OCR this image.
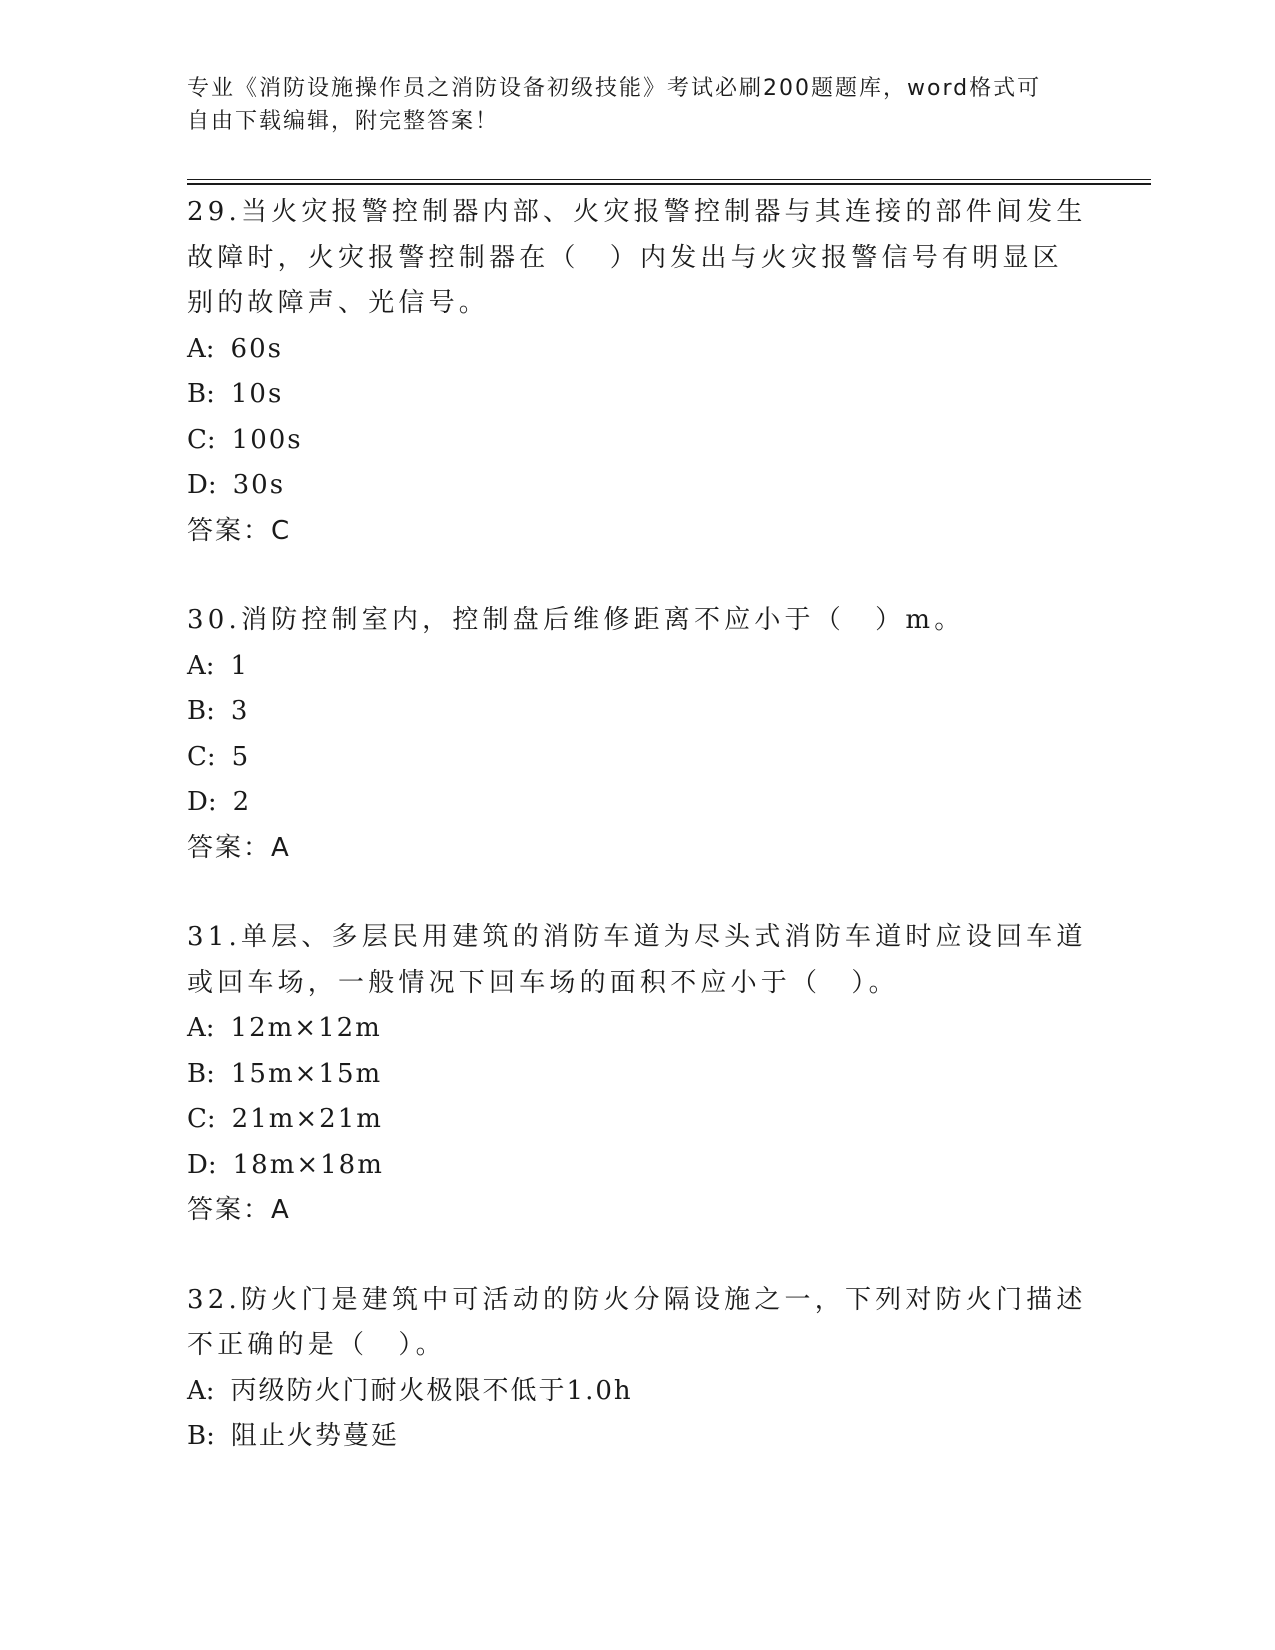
专业《消防设施操作员之消防设备初级技能》考试必刷200题题库，word格式可
自由下载编辑，附完整答案！

29.当火灾报警控制器内部、火灾报警控制器与其连接的部件间发生故障时，火灾报警控制器在（　）内发出与火灾报警信号有明显区别的故障声、光信号。

A: 60s

B: 10s

C: 100s

D: 30s

答案：C

30.消防控制室内，控制盘后维修距离不应小于（　）m。

A: 1

B: 3

C: 5

D: 2

答案：A

31.单层、多层民用建筑的消防车道为尽头式消防车道时应设回车道或回车场，一般情况下回车场的面积不应小于（　）。

A: 12m×12m

B: 15m×15m

C: 21m×21m

D: 18m×18m

答案：A

32.防火门是建筑中可活动的防火分隔设施之一，下列对防火门描述不正确的是（　）。

A: 丙级防火门耐火极限不低于1.0h

B: 阻止火势蔓延
